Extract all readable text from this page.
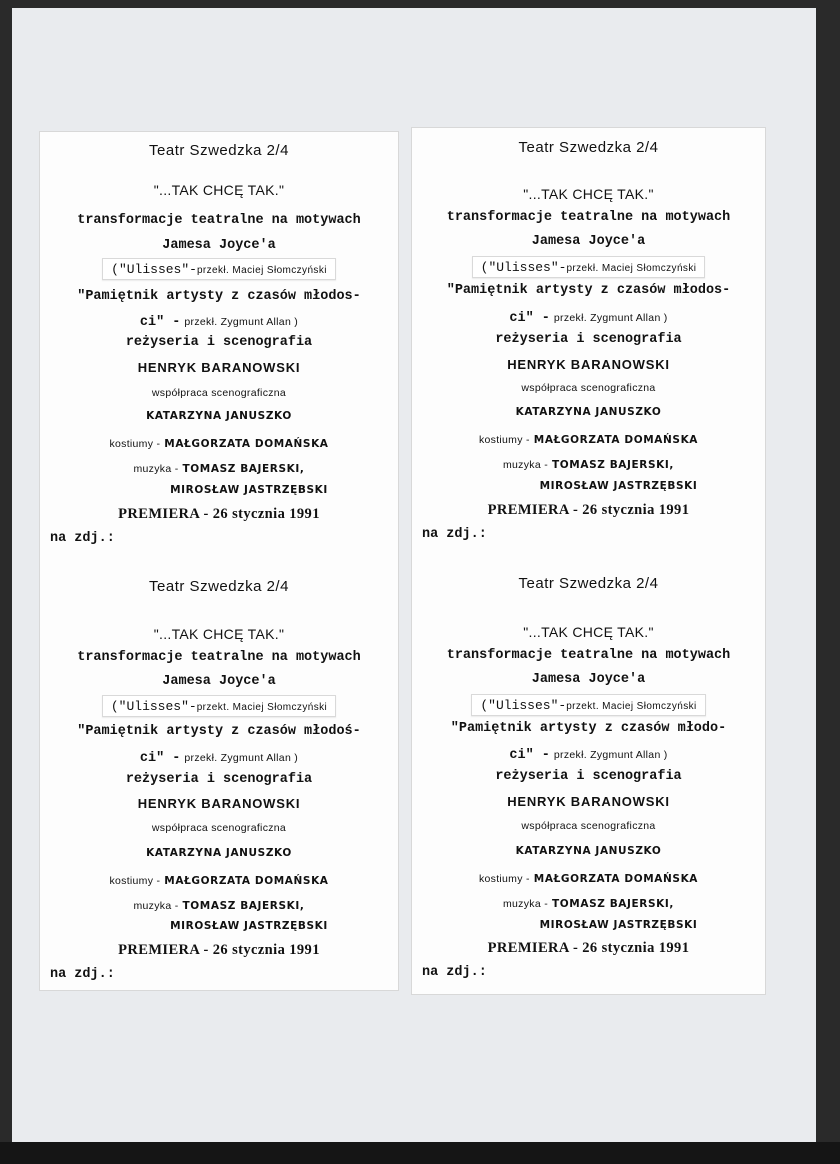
Teatr Szwedzka 2/4
"...TAK CHCĘ TAK."
transformacje teatralne na motywach
Jamesa Joyce'a
("Ulisses"-przekł. Maciej Słomczyński
"Pamiętnik artysty z czasów młodos-
ci" - przekł. Zygmunt Allan )
reżyseria i scenografia
HENRYK BARANOWSKI
współpraca scenograficzna
KATARZYNA JANUSZKO
kostiumy - MAŁGORZATA DOMAŃSKA
muzyka - TOMASZ BAJERSKI,
MIROSŁAW JASTRZĘBSKI
PREMIERA - 26 stycznia 1991
na zdj.:
Teatr Szwedzka 2/4
"...TAK CHCĘ TAK."
transformacje teatralne na motywach
Jamesa Joyce'a
("Ulisses"-przekł. Maciej Słomczyński
"Pamiętnik artysty z czasów młodos-
ci" - przekł. Zygmunt Allan )
reżyseria i scenografia
HENRYK BARANOWSKI
współpraca scenograficzna
KATARZYNA JANUSZKO
kostiumy - MAŁGORZATA DOMAŃSKA
muzyka - TOMASZ BAJERSKI,
MIROSŁAW JASTRZĘBSKI
PREMIERA - 26 stycznia 1991
na zdj.:
Teatr Szwedzka 2/4
"...TAK CHCĘ TAK."
transformacje teatralne na motywach
Jamesa Joyce'a
("Ulisses"-przekt. Maciej Słomczyński
"Pamiętnik artysty z czasów młodoś-
ci" - przekł. Zygmunt Allan )
reżyseria i scenografia
HENRYK BARANOWSKI
współpraca scenograficzna
KATARZYNA JANUSZKO
kostiumy - MAŁGORZATA DOMAŃSKA
muzyka - TOMASZ BAJERSKI,
MIROSŁAW JASTRZĘBSKI
PREMIERA - 26 stycznia 1991
na zdj.:
Teatr Szwedzka 2/4
"...TAK CHCĘ TAK."
transformacje teatralne na motywach
Jamesa Joyce'a
("Ulisses"-przekt. Maciej Słomczyński
"Pamiętnik artysty z czasów młodo-
ci" - przekł. Zygmunt Allan )
reżyseria i scenografia
HENRYK BARANOWSKI
współpraca scenograficzna
KATARZYNA JANUSZKO
kostiumy - MAŁGORZATA DOMAŃSKA
muzyka - TOMASZ BAJERSKI,
MIROSŁAW JASTRZĘBSKI
PREMIERA - 26 stycznia 1991
na zdj.:
